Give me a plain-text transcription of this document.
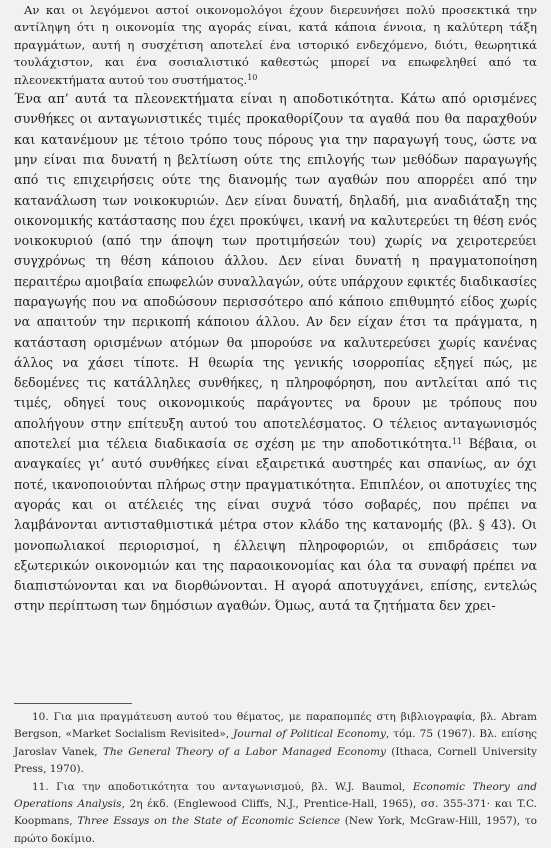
Αν και οι λεγόμενοι αστοί οικονομολόγοι έχουν διερευνήσει πολύ προσεκτικά την αντίληψη ότι η οικονομία της αγοράς είναι, κατά κάποια έννοια, η καλύτερη τάξη πραγμάτων, αυτή η συσχέτιση αποτελεί ένα ιστορικό ενδεχόμενο, διότι, θεωρητικά τουλάχιστον, και ένα σοσιαλιστικό καθεστώς μπορεί να επωφεληθεί από τα πλεονεκτήματα αυτού του συστήματος.$^{10}$

Ένα απ’ αυτά τα πλεονεκτήματα είναι η αποδοτικότητα. Κάτω από ορισμένες συνθήκες οι ανταγωνιστικές τιμές προκαθορίζουν τα αγαθά που θα παραχθούν και κατανέμουν με τέτοιο τρόπο τους πόρους για την παραγωγή τους, ώστε να μην είναι πια δυνατή η βελτίωση ούτε της επιλογής των μεθόδων παραγωγής από τις επιχειρήσεις ούτε της διανομής των αγαθών που απορρέει από την κατανάλωση των νοικοκυριών. Δεν είναι δυνατή, δηλαδή, μια αναδιάταξη της οικονομικής κατάστασης που έχει προκύψει, ικανή να καλυτερεύει τη θέση ενός νοικοκυριού (από την άποψη των προτιμήσεών του) χωρίς να χειροτερεύει συγχρόνως τη θέση κάποιου άλλου. Δεν είναι δυνατή η πραγματοποίηση περαιτέρω αμοιβαία επωφελών συναλλαγών, ούτε υπάρχουν εφικτές διαδικασίες παραγωγής που να αποδώσουν περισσότερο από κάποιο επιθυμητό είδος χωρίς να απαιτούν την περικοπή κάποιου άλλου. Αν δεν είχαν έτσι τα πράγματα, η κατάσταση ορισμένων ατόμων θα μπορούσε να καλυτερεύσει χωρίς κανένας άλλος να χάσει τίποτε. Η θεωρία της γενικής ισορροπίας εξηγεί πώς, με δεδομένες τις κατάλληλες συνθήκες, η πληροφόρηση, που αντλείται από τις τιμές, οδηγεί τους οικονομικούς παράγοντες να δρουν με τρόπους που απολήγουν στην επίτευξη αυτού του αποτελέσματος. Ο τέλειος ανταγωνισμός αποτελεί μια τέλεια διαδικασία σε σχέση με την αποδοτικότητα.$^{11}$ Βέβαια, οι αναγκαίες γι’ αυτό συνθήκες είναι εξαιρετικά αυστηρές και σπανίως, αν όχι ποτέ, ικανοποιούνται πλήρως στην πραγματικότητα. Επιπλέον, οι αποτυχίες της αγοράς και οι ατέλειές της είναι συχνά τόσο σοβαρές, που πρέπει να λαμβάνονται αντισταθμιστικά μέτρα στον κλάδο της κατανομής (βλ. § 43). Οι μονοπωλιακοί περιορισμοί, η έλλειψη πληροφοριών, οι επιδράσεις των εξωτερικών οικονομιών και της παραοικονομίας και όλα τα συναφή πρέπει να διαπιστώνονται και να διορθώνονται. Η αγορά αποτυγχάνει, επίσης, εντελώς στην περίπτωση των δημόσιων αγαθών. Όμως, αυτά τα ζητήματα δεν χρει-

10. Για μια πραγμάτευση αυτού του θέματος, με παραπομπές στη βιβλιογραφία, βλ. Abram Bergson, «Market Socialism Revisited», Journal of Political Economy, τόμ. 75 (1967). Βλ. επίσης Jaroslav Vanek, The General Theory of a Labor Managed Economy (Ithaca, Cornell University Press, 1970).

11. Για την αποδοτικότητα του ανταγωνισμού, βλ. W.J. Baumol, Economic Theory and Operations Analysis, 2η έκδ. (Englewood Cliffs, N.J., Prentice-Hall, 1965), σσ. 355-371· και T.C. Koopmans, Three Essays on the State of Economic Science (New York, McGraw-Hill, 1957), το πρώτο δοκίμιο.
